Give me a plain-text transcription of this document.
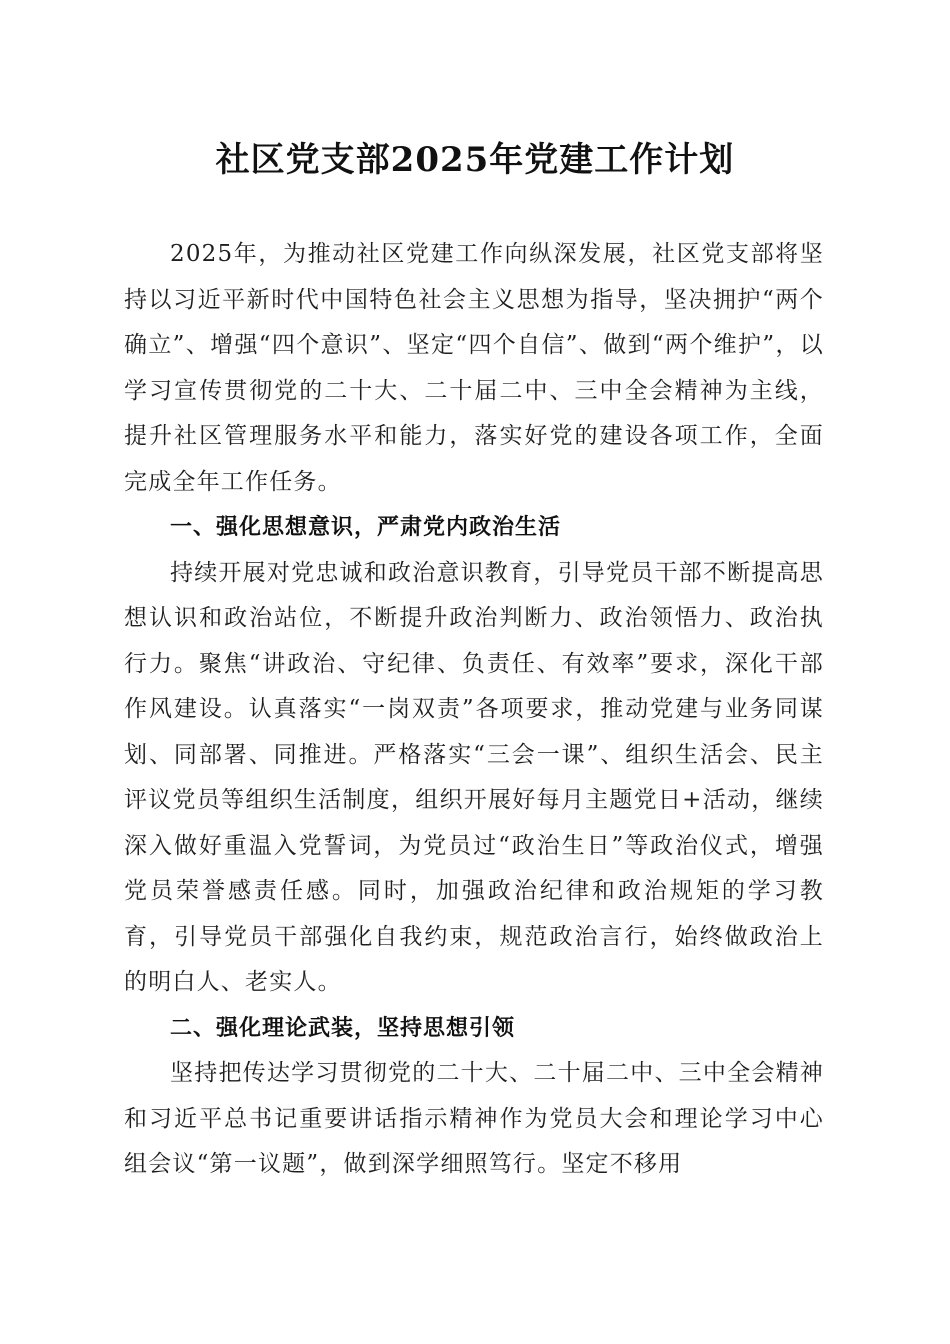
社区党支部2025年党建工作计划

2025年，为推动社区党建工作向纵深发展，社区党支部将坚持以习近平新时代中国特色社会主义思想为指导，坚决拥护“两个确立”、增强“四个意识”、坚定“四个自信”、做到“两个维护”，以学习宣传贯彻党的二十大、二十届二中、三中全会精神为主线，提升社区管理服务水平和能力，落实好党的建设各项工作，全面完成全年工作任务。

一、强化思想意识，严肃党内政治生活

持续开展对党忠诚和政治意识教育，引导党员干部不断提高思想认识和政治站位，不断提升政治判断力、政治领悟力、政治执行力。聚焦“讲政治、守纪律、负责任、有效率”要求，深化干部作风建设。认真落实“一岗双责”各项要求，推动党建与业务同谋划、同部署、同推进。严格落实“三会一课”、组织生活会、民主评议党员等组织生活制度，组织开展好每月主题党日+活动，继续深入做好重温入党誓词，为党员过“政治生日”等政治仪式，增强党员荣誉感责任感。同时，加强政治纪律和政治规矩的学习教育，引导党员干部强化自我约束，规范政治言行，始终做政治上的明白人、老实人。

二、强化理论武装，坚持思想引领

坚持把传达学习贯彻党的二十大、二十届二中、三中全会精神和习近平总书记重要讲话指示精神作为党员大会和理论学习中心组会议“第一议题”，做到深学细照笃行。坚定不移用
